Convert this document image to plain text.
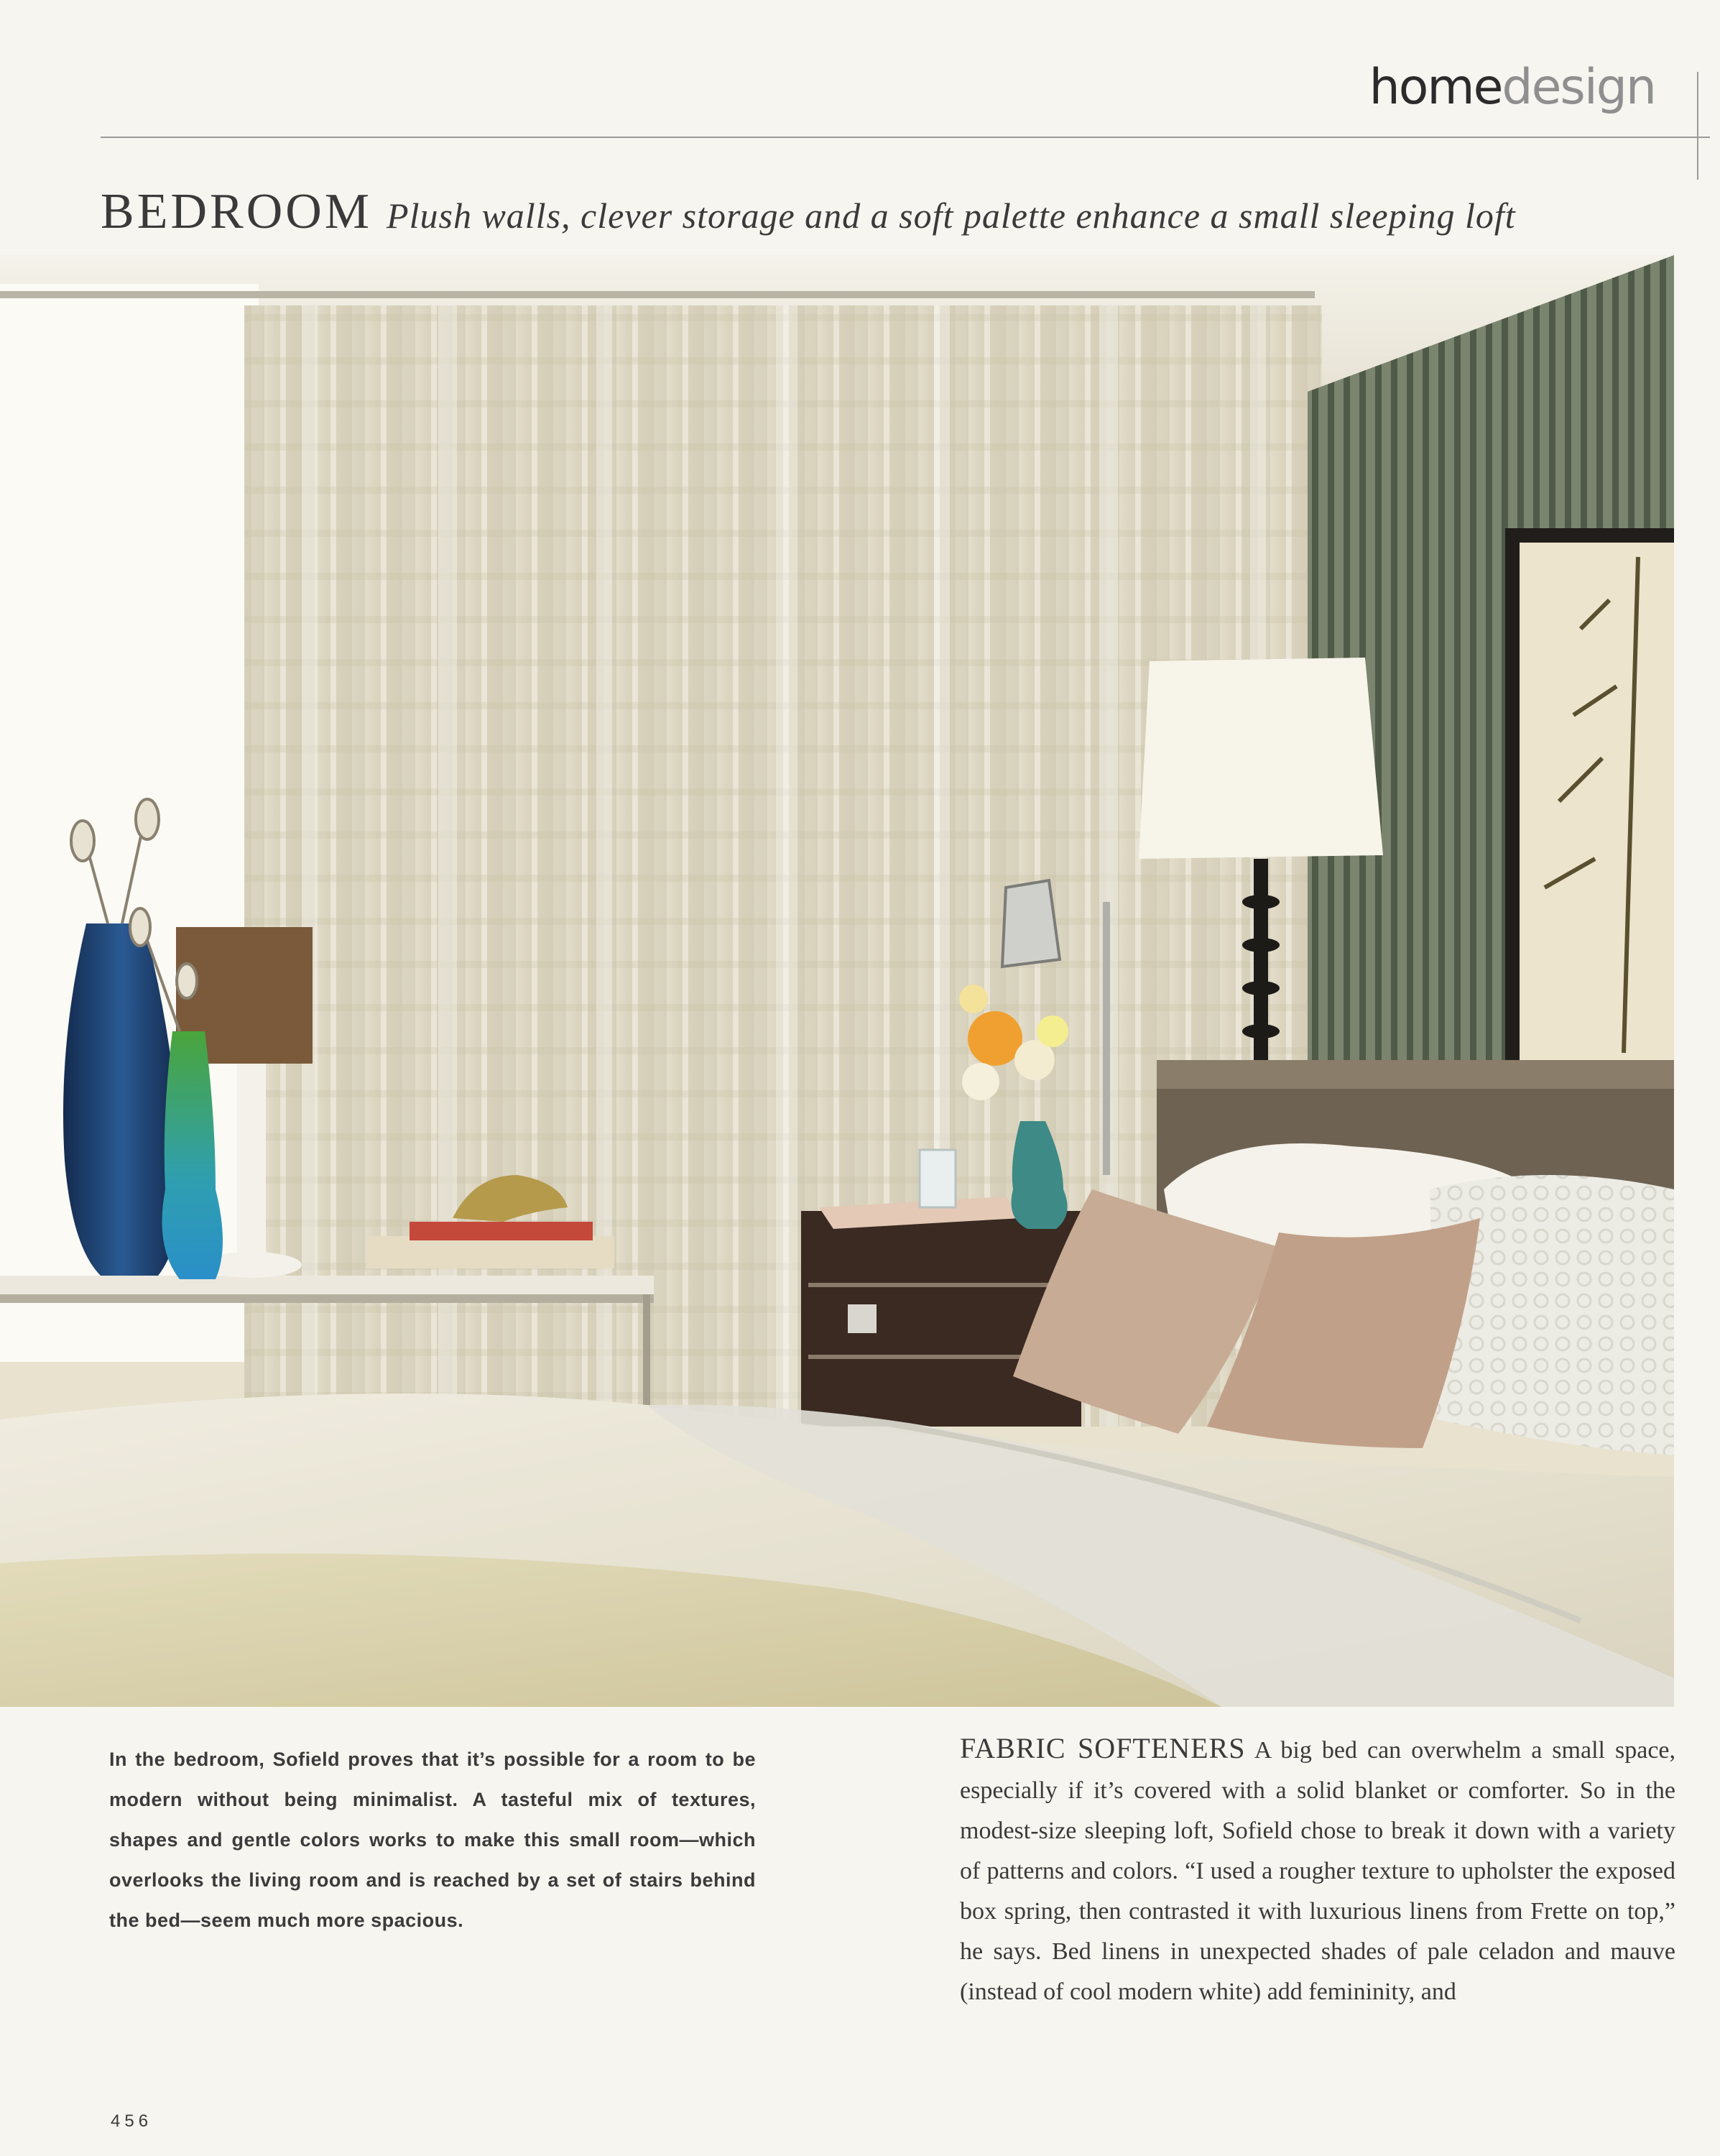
homedesign
BEDROOM Plush walls, clever storage and a soft palette enhance a small sleeping loft
In the bedroom, Sofield proves that it’s possible for a room to be modern without being minimalist. A tasteful mix of textures, shapes and gentle colors works to make this small room—which overlooks the living room and is reached by a set of stairs behind the bed—seem much more spacious.
FABRIC SOFTENERS A big bed can overwhelm a small space, especially if it’s covered with a solid blanket or comforter. So in the modest-size sleeping loft, Sofield chose to break it down with a variety of patterns and colors. “I used a rougher texture to upholster the exposed box spring, then contrasted it with luxurious linens from Frette on top,” he says. Bed linens in unexpected shades of pale celadon and mauve (instead of cool modern white) add femininity, and
456
